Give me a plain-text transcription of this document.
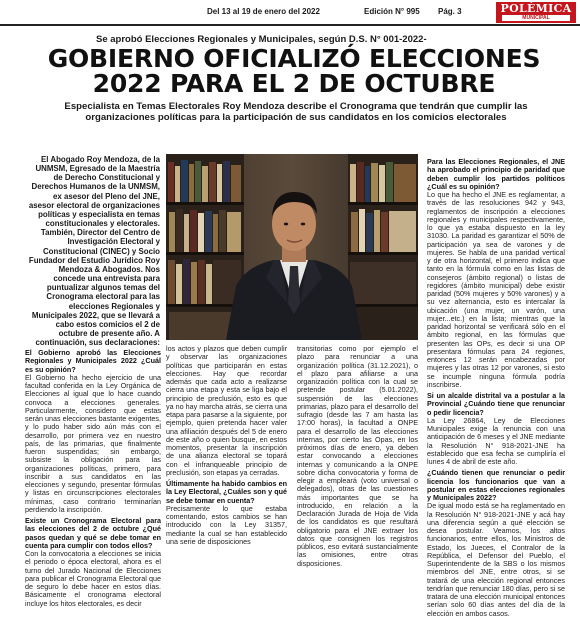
Del 13 al 19 de enero del 2022	Edición N° 995 Pág. 3	POLÉMICA
MUNICIPAL
Se aprobó Elecciones Regionales y Municipales, según D.S. N° 001-2022-
GOBIERNO OFICIALIZÓ ELECCIONES
2022 PARA EL 2 DE OCTUBRE
Especialista en Temas Electorales Roy Mendoza describe el Cronograma que tendrán que cumplir las organizaciones políticas para la participación de sus candidatos en los comicios electorales
El Abogado Roy Mendoza, de la UNMSM, Egresado de la Maestría de Derecho Constitucional y Derechos Humanos de la UNMSM, ex asesor del Pleno del JNE, asesor electoral de organizaciones políticas y especialista en temas constitucionales y electorales. También, Director del Centro de Investigación Electoral y Constitucional (CINEC) y Socio Fundador del Estudio Jurídico Roy Mendoza & Abogados. Nos concede una entrevista para puntualizar algunos temas del Cronograma electoral para las elecciones Regionales y Municipales 2022, que se llevará a cabo estos comicios el 2 de octubre de presente año. A continuación, sus declaraciones:

El Gobierno aprobó las Elecciones Regionales y Municipales 2022 ¿Cuál es su opinión?

El Gobierno ha hecho ejercicio de una facultad conferida en la Ley Orgánica de Elecciones al igual que lo hace cuando convoca a elecciones generales. Particularmente, considero que estas serán unas elecciones bastante exigentes, y lo pudo haber sido aún más con el desarrollo, por primera vez en nuestro país, de las primarias, que finalmente fueron suspendidas; sin embargo, subsiste la obligación para las organizaciones políticas, primero, para inscribir a sus candidatos en las elecciones y segundo, presentar fórmulas y listas en circunscripciones electorales mínimas, caso contrario terminarían perdiendo la inscripción.

Existe un Cronograma Electoral para las elecciones del 2 de octubre ¿Qué pasos quedan y qué se debe tomar en cuenta para cumplir con todos ellos?

Con la convocatoria a elecciones se inicia el periodo o época electoral, ahora es el turno del Jurado Nacional de Elecciones para publicar el Cronograma Electoral que de seguro lo debe hacer en estos días. Básicamente el cronograma electoral incluye los hitos electorales, es decir

los actos y plazos que deben cumplir y observar las organizaciones políticas que participarán en estas elecciones. Hay que recordar además que cada acto a realizarse cierra una etapa y esta se liga bajo el principio de preclusión, esto es que ya no hay marcha atrás, se cierra una etapa para pasarse a la siguiente, por ejemplo, quien pretenda hacer valer una afiliación después del 5 de enero de este año o quien busque, en estos momentos, presentar la inscripción de una alianza electoral se topará con el infranqueable principio de preclusión, son etapas ya cerradas.

Últimamente ha habido cambios en la Ley Electoral, ¿Cuáles son y qué se debe tomar en cuenta?

Precisamente lo que estaba comentando, estos cambios se han introducido con la Ley 31357, mediante la cual se han establecido una serie de disposiciones

transitorias como por ejemplo el plazo para renunciar a una organización política (31.12.2021), o el plazo para afiliarse a una organización política con la cual se pretende postular (5.01.2022), suspensión de las elecciones primarias, plazo para el desarrollo del sufragio (desde las 7 am hasta las 17:00 horas), la facultad a ONPE para el desarrollo de las elecciones internas, por cierto las Opas, en los próximos días de enero, ya deben estar convocando a elecciones internas y comunicando a la ONPE sobre dicha convocatoria y forma de elegir a empleará (voto universal o delegados), otras de las cuestiones más importantes que se ha introducido, en relación a la Declaración Jurada de Hoja de Vida de los candidatos es que resultará obligatorio para el JNE extraer los datos que consignen los registros públicos, eso evitará sustancialmente las omisiones, entre otras disposiciones.

Para las Elecciones Regionales, el JNE ha aprobado el principio de paridad que deben cumplir los partidos políticos ¿Cuál es su opinión?

Lo que ha hecho el JNE es reglamentar, a través de las resoluciones 942 y 943, reglamentos de inscripción a elecciones regionales y municipales respectivamente, lo que ya estaba dispuesto en la ley 31030. La paridad es garantizar el 50% de participación ya sea de varones y de mujeres. Se habla de una paridad vertical y de otra horizontal, el primero indica que tanto en la fórmula como en las listas de consejeros (ámbito regional) o listas de regidores (ámbito municipal) debe existir paridad (50% mujeres y 50% varones) y a su vez alternancia, esto es intercalar la ubicación (una mujer, un varón, una mujer...etc.) en la lista; mientras que la paridad horizontal se verificará sólo en el ámbito regional, en las fórmulas que presenten las OPs, es decir si una OP presentara fórmulas para 24 regiones, entonces 12 serán encabezadas por mujeres y las otras 12 por varones, si esto se incumple ninguna fórmula podría inscribirse.

Si un alcalde distrital va a postular a la Provincial ¿Cuándo tiene que renunciar o pedir licencia?

La Ley 26864, Ley de Elecciones Municipales exige la renuncia con una anticipación de 6 meses y el JNE mediante la Resolución N° 918-2021-JNE ha establecido que esa fecha se cumpliría el lunes 4 de abril de este año.

¿Cuándo tienen que renunciar o pedir licencia los funcionarios que van a postular en estas elecciones regionales y Municipales 2022?

De igual modo está se ha reglamentado en la Resolución N° 918-2021-JNE y acá hay una diferencia según a qué elección se desea postular. Veamos, los altos funcionarios, entre ellos, los Ministros de Estado, los Jueces, el Contralor de la República, el Defensor del Pueblo, el Superintendente de la SBS o los mismos miembros del JNE, entre otros, si se tratará de una elección regional entonces tendrían que renunciar 180 días, pero si se tratara de una elección municipal entonces serían solo 60 días antes del día de la elección en ambos casos.
